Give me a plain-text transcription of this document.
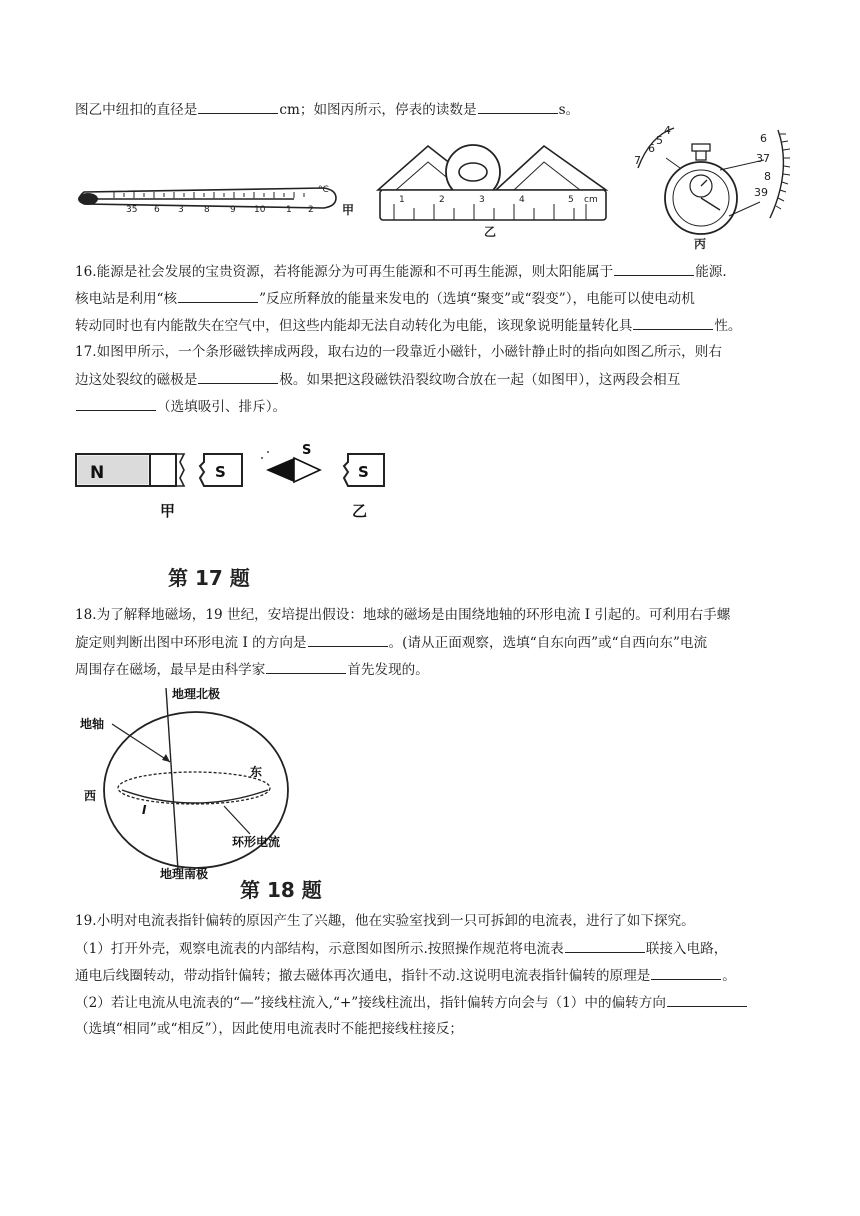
图乙中纽扣的直径是	cm；如图丙所示，停表的读数是	s。
35 6 3 8 9 10 1 2
°C
甲
1	2	3	4	5 cm
乙
7
6
5
4
6
37
8
39
丙
16.能源是社会发展的宝贵资源，若将能源分为可再生能源和不可再生能源，则太阳能属于	能源.
核电站是利用“核	”反应所释放的能量来发电的（选填“聚变”或“裂变”），电能可以使电动机
转动同时也有内能散失在空气中，但这些内能却无法自动转化为电能，该现象说明能量转化具	性。
17.如图甲所示，一个条形磁铁摔成两段，取右边的一段靠近小磁针，小磁针静止时的指向如图乙所示，则右
边这处裂纹的磁极是	极。如果把这段磁铁沿裂纹吻合放在一起（如图甲），这两段会相互
（选填吸引、排斥）。
N	S
甲
S
S
乙
第 17 题
18.为了解释地磁场，19 世纪，安培提出假设：地球的磁场是由围绕地轴的环形电流 I 引起的。可利用右手螺
旋定则判断出图中环形电流 I 的方向是	。(请从正面观察，选填“自东向西”或“自西向东”电流
周围存在磁场，最早是由科学家	首先发现的。
地理北极
地轴
东
西
I
环形电流
地理南极
第 18 题
19.小明对电流表指针偏转的原因产生了兴趣，他在实验室找到一只可拆卸的电流表，进行了如下探究。
（1）打开外壳，观察电流表的内部结构，示意图如图所示.按照操作规范将电流表	联接入电路，
通电后线圈转动，带动指针偏转；撤去磁体再次通电，指针不动.这说明电流表指针偏转的原理是	。
（2）若让电流从电流表的“—”接线柱流入,“+”接线柱流出，指针偏转方向会与（1）中的偏转方向
（选填“相同”或“相反”），因此使用电流表时不能把接线柱接反；
